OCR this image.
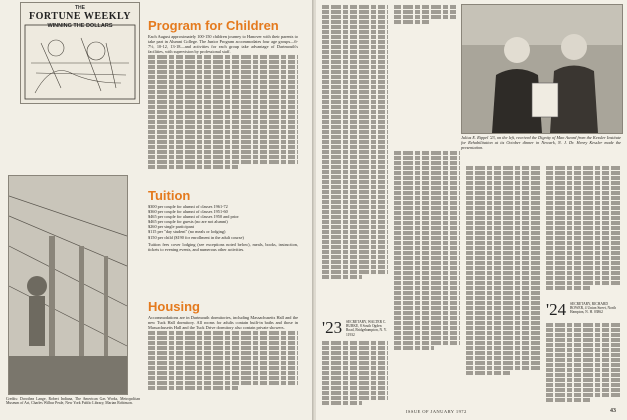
THE
FORTUNE WEEKLY
WINNING THE DOLLARS	Program for Children
Each August approximately 100-150 children journey to Hanover with their parents to take part in Alumni College. The Junior Program accommodates four age groups—6-7½, 10-12, 13-18—and activities for each group take advantage of Dartmouth's facilities, with supervision by professional staff.
Tuition
$300 per couple for alumni of classes 1961-72
$360 per couple for alumni of classes 1951-60
$465 per couple for alumni of classes 1950 and prior
$465 per couple for guests (no are not alumni)
$260 per single participant
$115 per "day student" (no meals or lodging)
$150 per child ($190 for enrollment in the adult course)
Tuition fees cover lodging (see exceptions noted below), meals, books, instruction, tickets to evening events, and numerous other activities.
Housing
Accommodations are in Dartmouth dormitories, including Massachusetts Hall and the new Tuck Hall dormitory. All rooms for adults contain built-in baths and those in Massachusetts Hall and the Tuck Drive dormitory also contain private showers.
Credits: Dorothea Lange, Robert Indiana, The American Gas Works, Metropolitan Museum of Art, Charles Wilbur Peale, New York Public Library, Marian Robinson.
'23 SECRETARY, WALTER C. BURKE, 8 South Ogden Road, Bridgehampton, N. Y. 11932
Julius E. Rippel '23, on the left, received the Dignity of Man Award from the Kessler Institute for Rehabilitation at its October dinner in Newark, N. J. Dr. Henry Kessler made the presentation.
'24 SECRETARY, RICHARD BOWER, 4 Union Street, North Hampton, N. H. 03862
ISSUE OF JANUARY 1972	43
